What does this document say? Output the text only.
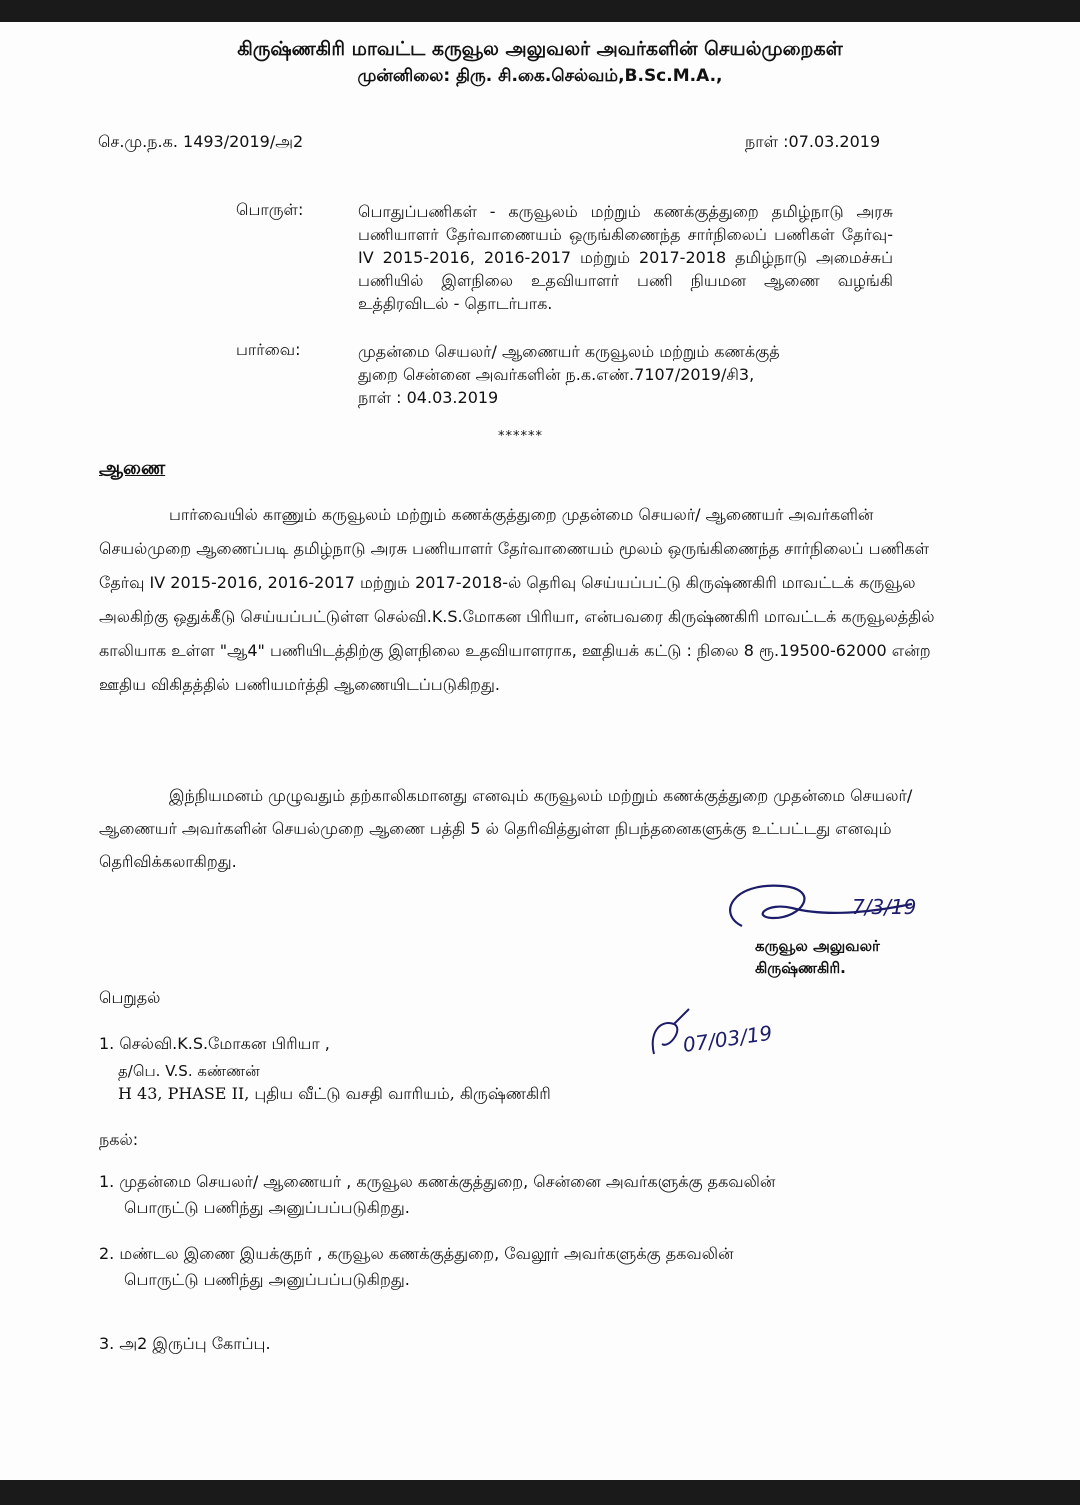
கிருஷ்ணகிரி மாவட்ட கருவூல அலுவலர் அவர்களின் செயல்முறைகள்
முன்னிலை: திரு. சி.கை.செல்வம்,B.Sc.M.A.,
செ.மு.ந.க. 1493/2019/அ2	நாள் :07.03.2019
பொருள்:	பொதுப்பணிகள் - கருவூலம் மற்றும் கணக்குத்துறை தமிழ்நாடு அரசு பணியாளர் தேர்வாணையம் ஒருங்கிணைந்த சார்நிலைப் பணிகள் தேர்வு-IV 2015-2016, 2016-2017 மற்றும் 2017-2018 தமிழ்நாடு அமைச்சுப் பணியில் இளநிலை உதவியாளர் பணி நியமன ஆணை வழங்கி உத்திரவிடல் - தொடர்பாக.
பார்வை:	முதன்மை செயலர்/ ஆணையர் கருவூலம் மற்றும் கணக்குத்
துறை சென்னை அவர்களின் ந.க.எண்.7107/2019/சி3,
நாள் : 04.03.2019
******
ஆணை
பார்வையில் காணும் கருவூலம் மற்றும் கணக்குத்துறை முதன்மை செயலர்/ ஆணையர் அவர்களின் செயல்முறை ஆணைப்படி தமிழ்நாடு அரசு பணியாளர் தேர்வாணையம் மூலம் ஒருங்கிணைந்த சார்நிலைப் பணிகள் தேர்வு IV 2015-2016, 2016-2017 மற்றும் 2017-2018-ல் தெரிவு செய்யப்பட்டு கிருஷ்ணகிரி மாவட்டக் கருவூல அலகிற்கு ஒதுக்கீடு செய்யப்பட்டுள்ள செல்வி.K.S.மோகன பிரியா, என்பவரை கிருஷ்ணகிரி மாவட்டக் கருவூலத்தில் காலியாக உள்ள "ஆ4" பணியிடத்திற்கு இளநிலை உதவியாளராக, ஊதியக் கட்டு : நிலை 8 ரூ.19500-62000 என்ற ஊதிய விகிதத்தில் பணியமர்த்தி ஆணையிடப்படுகிறது.
இந்நியமனம் முழுவதும் தற்காலிகமானது எனவும் கருவூலம் மற்றும் கணக்குத்துறை முதன்மை செயலர்/ ஆணையர் அவர்களின் செயல்முறை ஆணை பத்தி 5 ல் தெரிவித்துள்ள நிபந்தனைகளுக்கு உட்பட்டது எனவும் தெரிவிக்கலாகிறது.
7/3/19
கருவூல அலுவலர்
கிருஷ்ணகிரி.
பெறுதல்
07/03/19
1. செல்வி.K.S.மோகன பிரியா ,
த/பெ. V.S. கண்ணன்
H 43, PHASE II, புதிய வீட்டு வசதி வாரியம், கிருஷ்ணகிரி
நகல்:
1. முதன்மை செயலர்/ ஆணையர் , கருவூல கணக்குத்துறை, சென்னை அவர்களுக்கு தகவலின்
பொருட்டு பணிந்து அனுப்பப்படுகிறது.
2. மண்டல இணை இயக்குநர் , கருவூல கணக்குத்துறை, வேலூர் அவர்களுக்கு தகவலின்
பொருட்டு பணிந்து அனுப்பப்படுகிறது.
3. அ2 இருப்பு கோப்பு.
